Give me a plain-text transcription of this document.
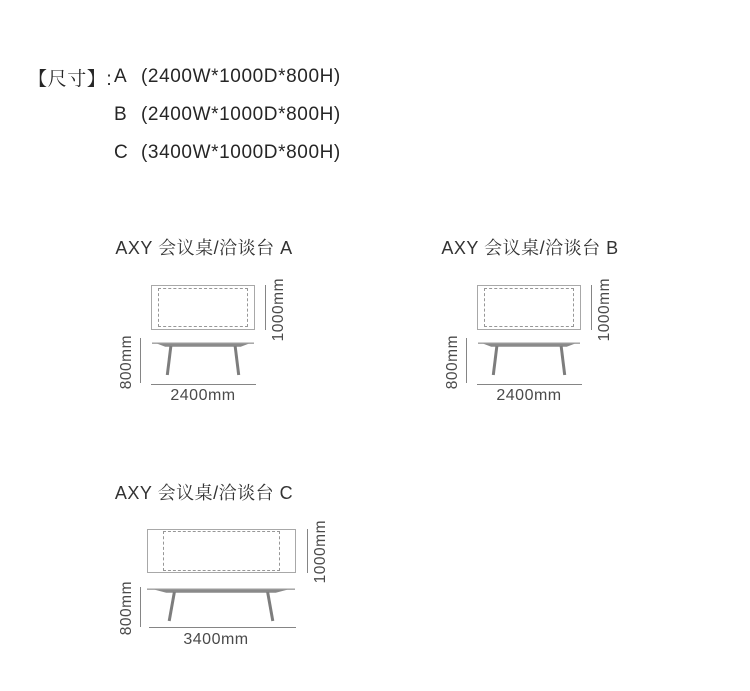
【尺寸】: A (2400W*1000D*800H)
B (2400W*1000D*800H)
C (3400W*1000D*800H)
AXY 会议桌/洽谈台 A
1000mm
800mm
2400mm
AXY 会议桌/洽谈台 B
1000mm
800mm
2400mm
AXY 会议桌/洽谈台 C
1000mm
800mm
3400mm
